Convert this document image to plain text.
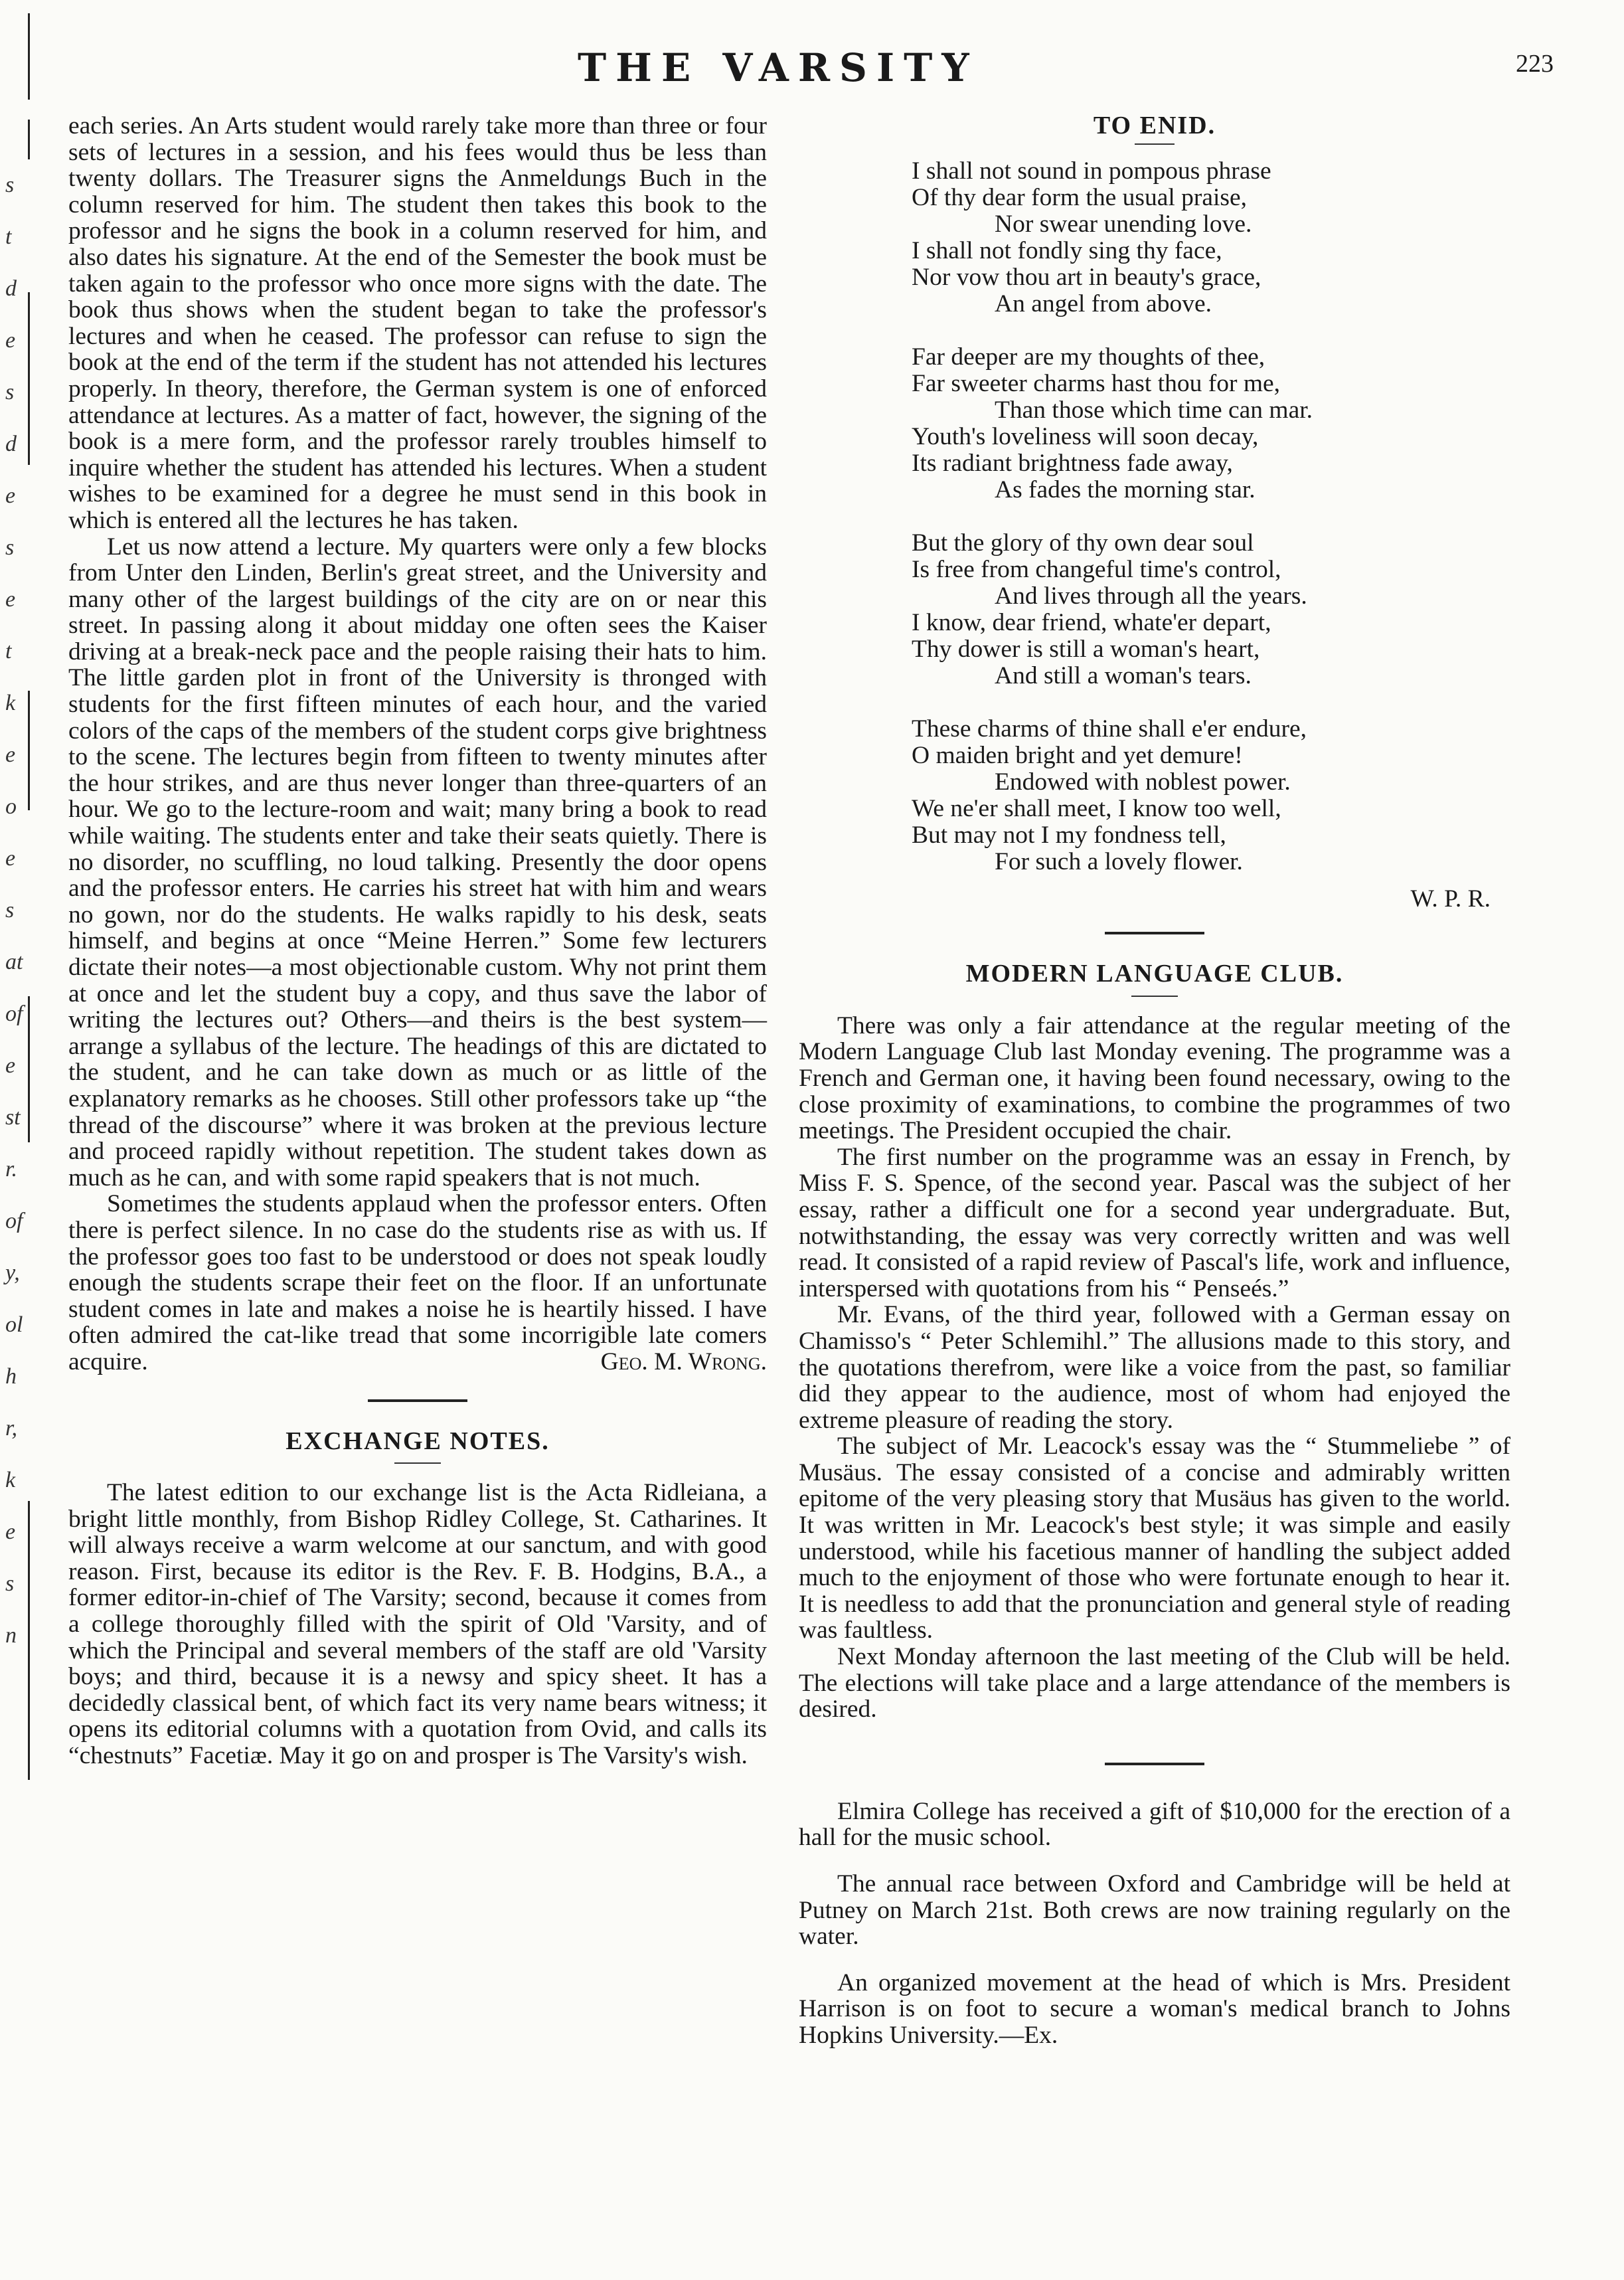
s
t
d
e
s
d
e
s
e
t
k
e
o
e
s
at
of
e
st
r.
of
y,
ol
h
r,
k
e
s
n
THE VARSITY	223

each series. An Arts student would rarely take more than three or four sets of lectures in a session, and his fees would thus be less than twenty dollars. The Treasurer signs the Anmeldungs Buch in the column reserved for him. The student then takes this book to the professor and he signs the book in a column reserved for him, and also dates his signature. At the end of the Semester the book must be taken again to the professor who once more signs with the date. The book thus shows when the student began to take the professor's lectures and when he ceased. The professor can refuse to sign the book at the end of the term if the student has not attended his lectures properly. In theory, therefore, the German system is one of enforced attendance at lectures. As a matter of fact, however, the signing of the book is a mere form, and the professor rarely troubles himself to inquire whether the student has attended his lectures. When a student wishes to be examined for a degree he must send in this book in which is entered all the lectures he has taken.

Let us now attend a lecture. My quarters were only a few blocks from Unter den Linden, Berlin's great street, and the University and many other of the largest buildings of the city are on or near this street. In passing along it about midday one often sees the Kaiser driving at a break-neck pace and the people raising their hats to him. The little garden plot in front of the University is thronged with students for the first fifteen minutes of each hour, and the varied colors of the caps of the members of the student corps give brightness to the scene. The lectures begin from fifteen to twenty minutes after the hour strikes, and are thus never longer than three-quarters of an hour. We go to the lecture-room and wait; many bring a book to read while waiting. The students enter and take their seats quietly. There is no disorder, no scuffling, no loud talking. Presently the door opens and the professor enters. He carries his street hat with him and wears no gown, nor do the students. He walks rapidly to his desk, seats himself, and begins at once “Meine Herren.” Some few lecturers dictate their notes—a most objectionable custom. Why not print them at once and let the student buy a copy, and thus save the labor of writing the lectures out? Others—and theirs is the best system—arrange a syllabus of the lecture. The headings of this are dictated to the student, and he can take down as much or as little of the explanatory remarks as he chooses. Still other professors take up “the thread of the discourse” where it was broken at the previous lecture and proceed rapidly without repetition. The student takes down as much as he can, and with some rapid speakers that is not much.

Sometimes the students applaud when the professor enters. Often there is perfect silence. In no case do the students rise as with us. If the professor goes too fast to be understood or does not speak loudly enough the students scrape their feet on the floor. If an unfortunate student comes in late and makes a noise he is heartily hissed. I have often admired the cat-like tread that some incorrigible late comers acquire.	Geo. M. Wrong.

EXCHANGE NOTES.

The latest edition to our exchange list is the Acta Ridleiana, a bright little monthly, from Bishop Ridley College, St. Catharines. It will always receive a warm welcome at our sanctum, and with good reason. First, because its editor is the Rev. F. B. Hodgins, B.A., a former editor-in-chief of The Varsity; second, because it comes from a college thoroughly filled with the spirit of Old 'Varsity, and of which the Principal and several members of the staff are old 'Varsity boys; and third, because it is a newsy and spicy sheet. It has a decidedly classical bent, of which fact its very name bears witness; it opens its editorial columns with a quotation from Ovid, and calls its “chestnuts” Facetiæ. May it go on and prosper is The Varsity's wish.

TO ENID.
I shall not sound in pompous phrase
Of thy dear form the usual praise,
Nor swear unending love.
I shall not fondly sing thy face,
Nor vow thou art in beauty's grace,
An angel from above.
Far deeper are my thoughts of thee,
Far sweeter charms hast thou for me,
Than those which time can mar.
Youth's loveliness will soon decay,
Its radiant brightness fade away,
As fades the morning star.
But the glory of thy own dear soul
Is free from changeful time's control,
And lives through all the years.
I know, dear friend, whate'er depart,
Thy dower is still a woman's heart,
And still a woman's tears.
These charms of thine shall e'er endure,
O maiden bright and yet demure!
Endowed with noblest power.
We ne'er shall meet, I know too well,
But may not I my fondness tell,
For such a lovely flower.
W. P. R.
MODERN LANGUAGE CLUB.

There was only a fair attendance at the regular meeting of the Modern Language Club last Monday evening. The programme was a French and German one, it having been found necessary, owing to the close proximity of examinations, to combine the programmes of two meetings. The President occupied the chair.

The first number on the programme was an essay in French, by Miss F. S. Spence, of the second year. Pascal was the subject of her essay, rather a difficult one for a second year undergraduate. But, notwithstanding, the essay was very correctly written and was well read. It consisted of a rapid review of Pascal's life, work and influence, interspersed with quotations from his “ Penseés.”

Mr. Evans, of the third year, followed with a German essay on Chamisso's “ Peter Schlemihl.” The allusions made to this story, and the quotations therefrom, were like a voice from the past, so familiar did they appear to the audience, most of whom had enjoyed the extreme pleasure of reading the story.

The subject of Mr. Leacock's essay was the “ Stummeliebe ” of Musäus. The essay consisted of a concise and admirably written epitome of the very pleasing story that Musäus has given to the world. It was written in Mr. Leacock's best style; it was simple and easily understood, while his facetious manner of handling the subject added much to the enjoyment of those who were fortunate enough to hear it. It is needless to add that the pronunciation and general style of reading was faultless.

Next Monday afternoon the last meeting of the Club will be held. The elections will take place and a large attendance of the members is desired.

Elmira College has received a gift of $10,000 for the erection of a hall for the music school.

The annual race between Oxford and Cambridge will be held at Putney on March 21st. Both crews are now training regularly on the water.

An organized movement at the head of which is Mrs. President Harrison is on foot to secure a woman's medical branch to Johns Hopkins University.—Ex.
